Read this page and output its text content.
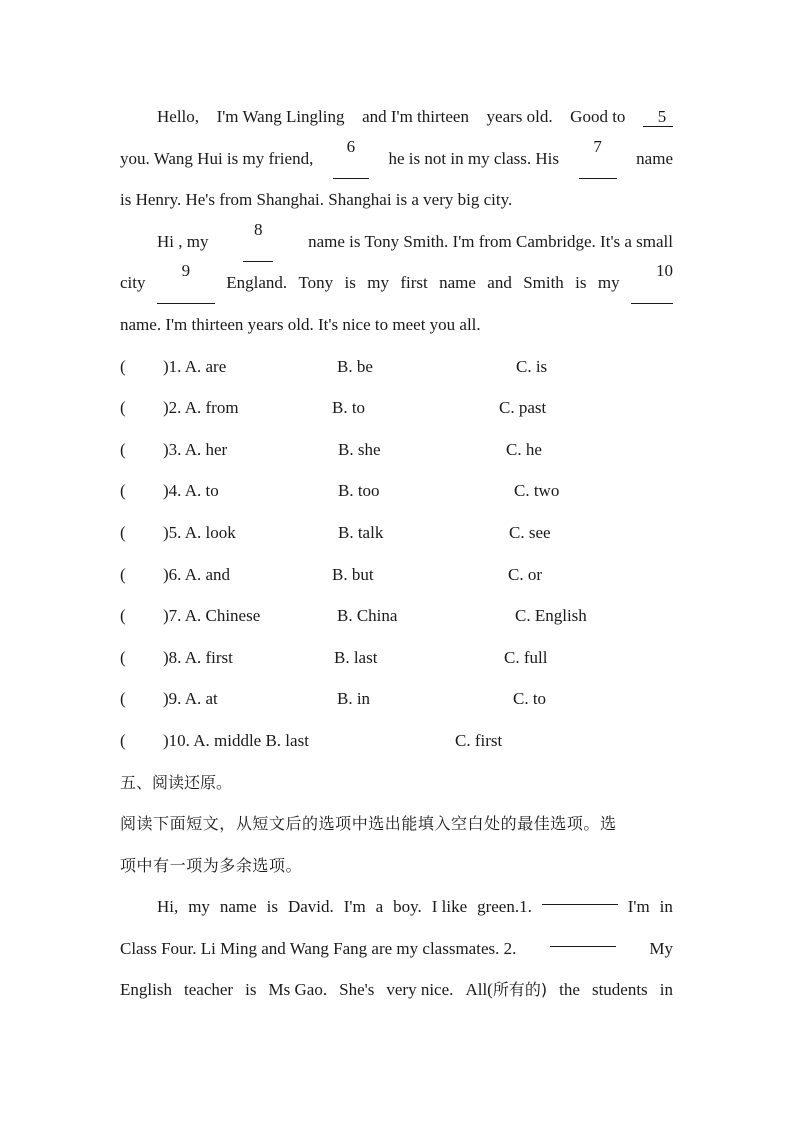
Hello, I'm Wang Lingling and I'm thirteen years old. Good to	5
you. Wang Hui is my friend,
6
he is not in my class. His
7
name
is Henry. He's from Shanghai. Shanghai is a very big city.
Hi , my
8
name is Tony Smith. I'm from Cambridge. It's a small
city
9
England. Tony is my first name and Smith is my
10
name. I'm thirteen years old. It's nice to meet you all.
( )1. A. are	B. be	C. is
( )2. A. from	B. to	C. past
( )3. A. her	B. she	C. he
( )4. A. to	B. too	C. two
( )5. A. look	B. talk	C. see
( )6. A. and	B. but	C. or
( )7. A. Chinese	B. China	C. English
( )8. A. first	B. last	C. full
( )9. A. at	B. in	C. to
( )10. A. middle B. last	C. first
五、阅读还原。
阅读下面短文，从短文后的选项中选出能填入空白处的最佳选项。选
项中有一项为多余选项。
Hi, my name is David. I'm a boy. I like green.1.	I'm in
Class Four. Li Ming and Wang Fang are my classmates. 2.	My
English teacher is Ms Gao. She's very nice. All(所有的) the students in
